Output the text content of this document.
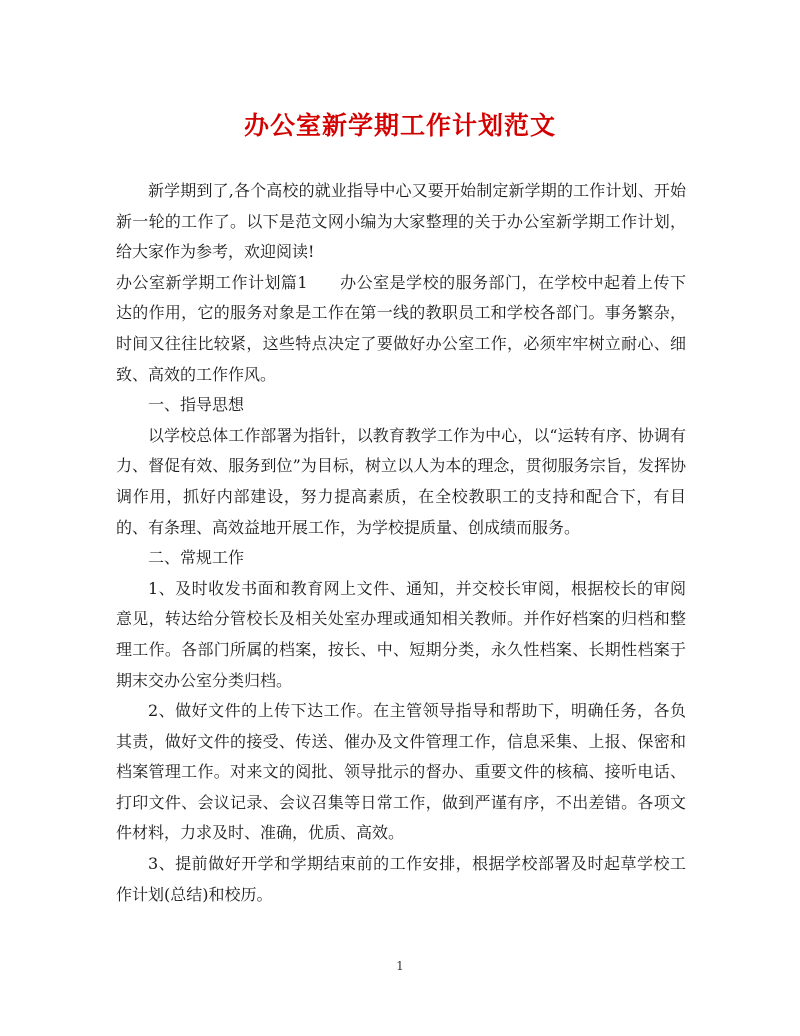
办公室新学期工作计划范文

新学期到了,各个高校的就业指导中心又要开始制定新学期的工作计划、开始新一轮的工作了。以下是范文网小编为大家整理的关于办公室新学期工作计划，给大家作为参考，欢迎阅读!

办公室新学期工作计划篇1 办公室是学校的服务部门，在学校中起着上传下达的作用，它的服务对象是工作在第一线的教职员工和学校各部门。事务繁杂，时间又往往比较紧，这些特点决定了要做好办公室工作，必须牢牢树立耐心、细致、高效的工作作风。

一、指导思想

以学校总体工作部署为指针，以教育教学工作为中心，以“运转有序、协调有力、督促有效、服务到位”为目标，树立以人为本的理念，贯彻服务宗旨，发挥协调作用，抓好内部建设，努力提高素质，在全校教职工的支持和配合下，有目的、有条理、高效益地开展工作，为学校提质量、创成绩而服务。

二、常规工作

1、及时收发书面和教育网上文件、通知，并交校长审阅，根据校长的审阅意见，转达给分管校长及相关处室办理或通知相关教师。并作好档案的归档和整理工作。各部门所属的档案，按长、中、短期分类，永久性档案、长期性档案于期末交办公室分类归档。

2、做好文件的上传下达工作。在主管领导指导和帮助下，明确任务，各负其责，做好文件的接受、传送、催办及文件管理工作，信息采集、上报、保密和档案管理工作。对来文的阅批、领导批示的督办、重要文件的核稿、接听电话、打印文件、会议记录、会议召集等日常工作，做到严谨有序，不出差错。各项文件材料，力求及时、准确，优质、高效。

3、提前做好开学和学期结束前的工作安排，根据学校部署及时起草学校工作计划(总结)和校历。

1
